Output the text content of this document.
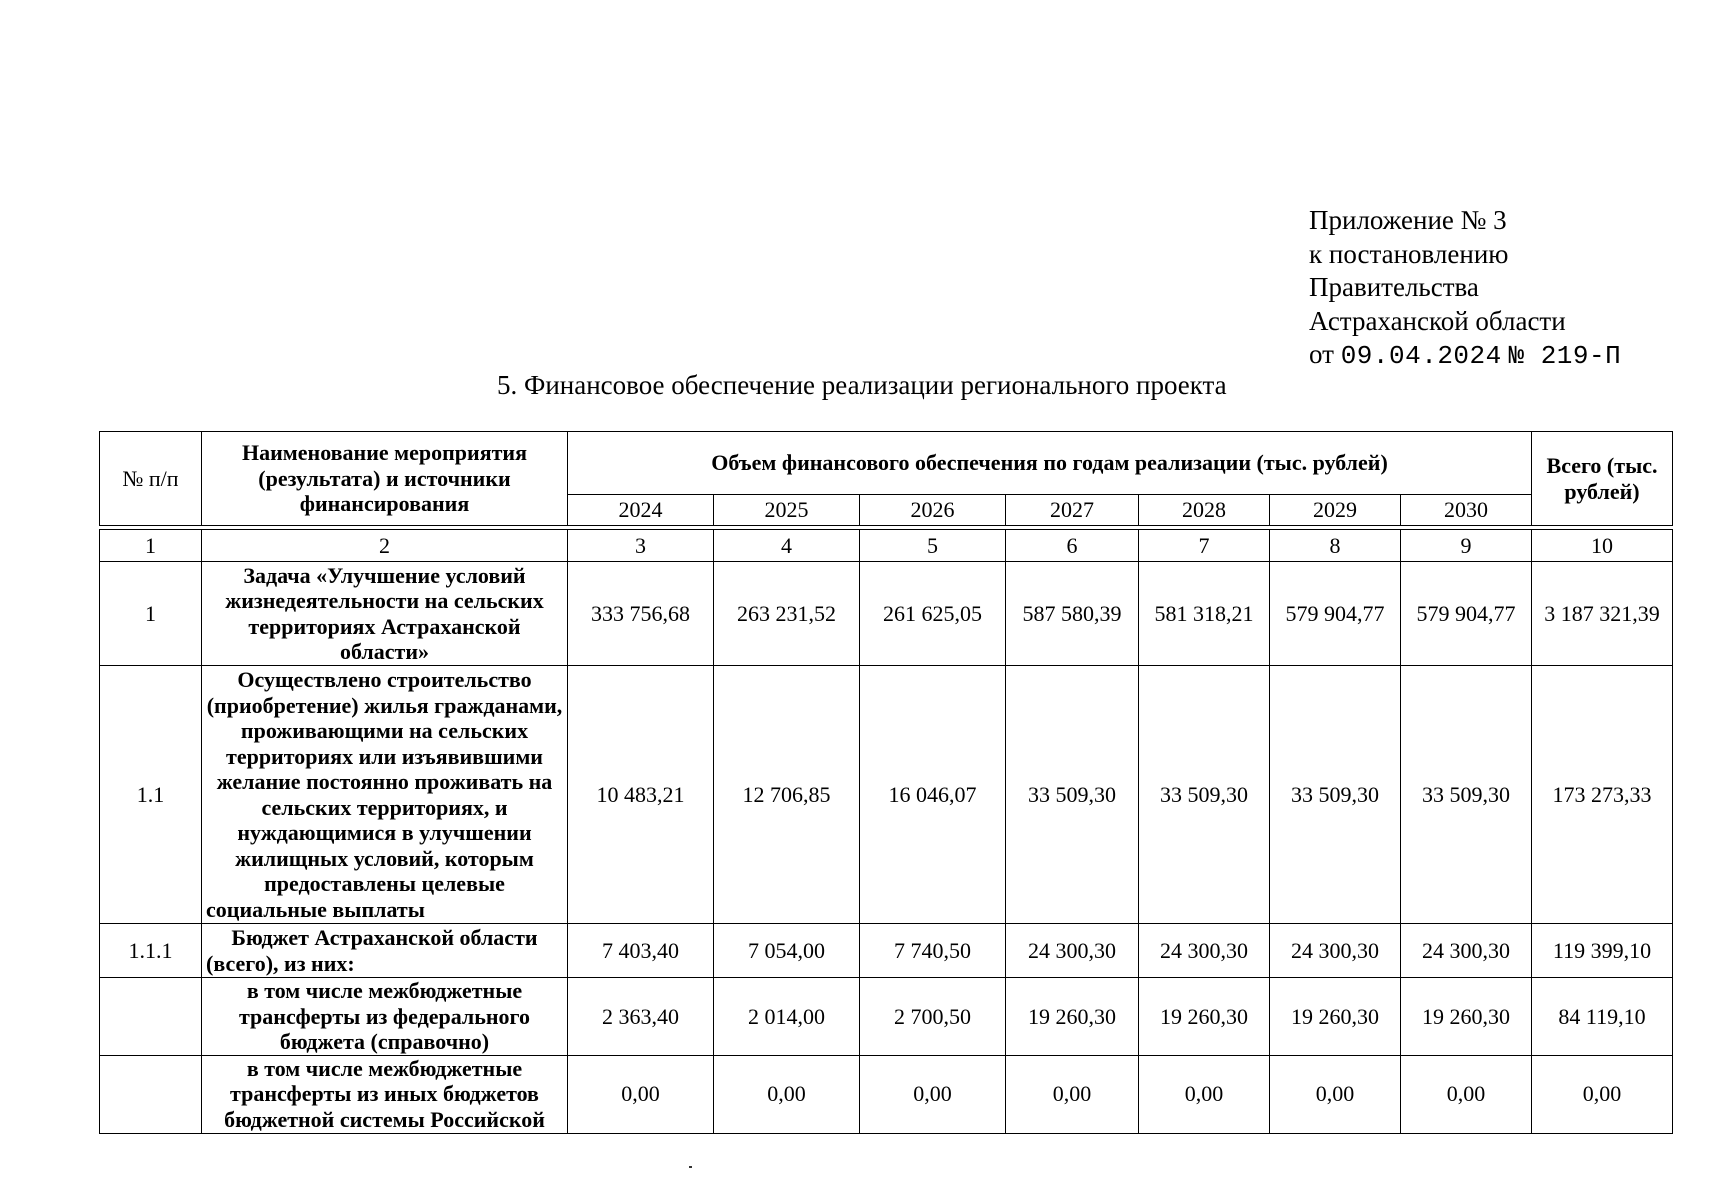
Приложение № 3
к постановлению
Правительства
Астраханской области
от 09.04.2024 № 219-П
5. Финансовое обеспечение реализации регионального проекта
№ п/п	Наименование мероприятия (результата) и источники финансирования	Объем финансового обеспечения по годам реализации (тыс. рублей)							Всего (тыс. рублей)
		2024	2025	2026	2027	2028	2029	2030	

1	2	3	4	5	6	7	8	9	10
1	Задача «Улучшение условий жизнедеятельности на сельских территориях Астраханской области»	333 756,68	263 231,52	261 625,05	587 580,39	581 318,21	579 904,77	579 904,77	3 187 321,39
1.1	Осуществлено строительство (приобретение) жилья гражданами, проживающими на сельских территориях или изъявившими желание постоянно проживать на сельских территориях, и нуждающимися в улучшении жилищных условий, которым предоставлены целевые социальные выплаты	10 483,21	12 706,85	16 046,07	33 509,30	33 509,30	33 509,30	33 509,30	173 273,33
1.1.1	Бюджет Астраханской области (всего), из них:	7 403,40	7 054,00	7 740,50	24 300,30	24 300,30	24 300,30	24 300,30	119 399,10
	в том числе межбюджетные трансферты из федерального бюджета (справочно)	2 363,40	2 014,00	2 700,50	19 260,30	19 260,30	19 260,30	19 260,30	84 119,10
	в том числе межбюджетные трансферты из иных бюджетов бюджетной системы Российской	0,00	0,00	0,00	0,00	0,00	0,00	0,00	0,00
